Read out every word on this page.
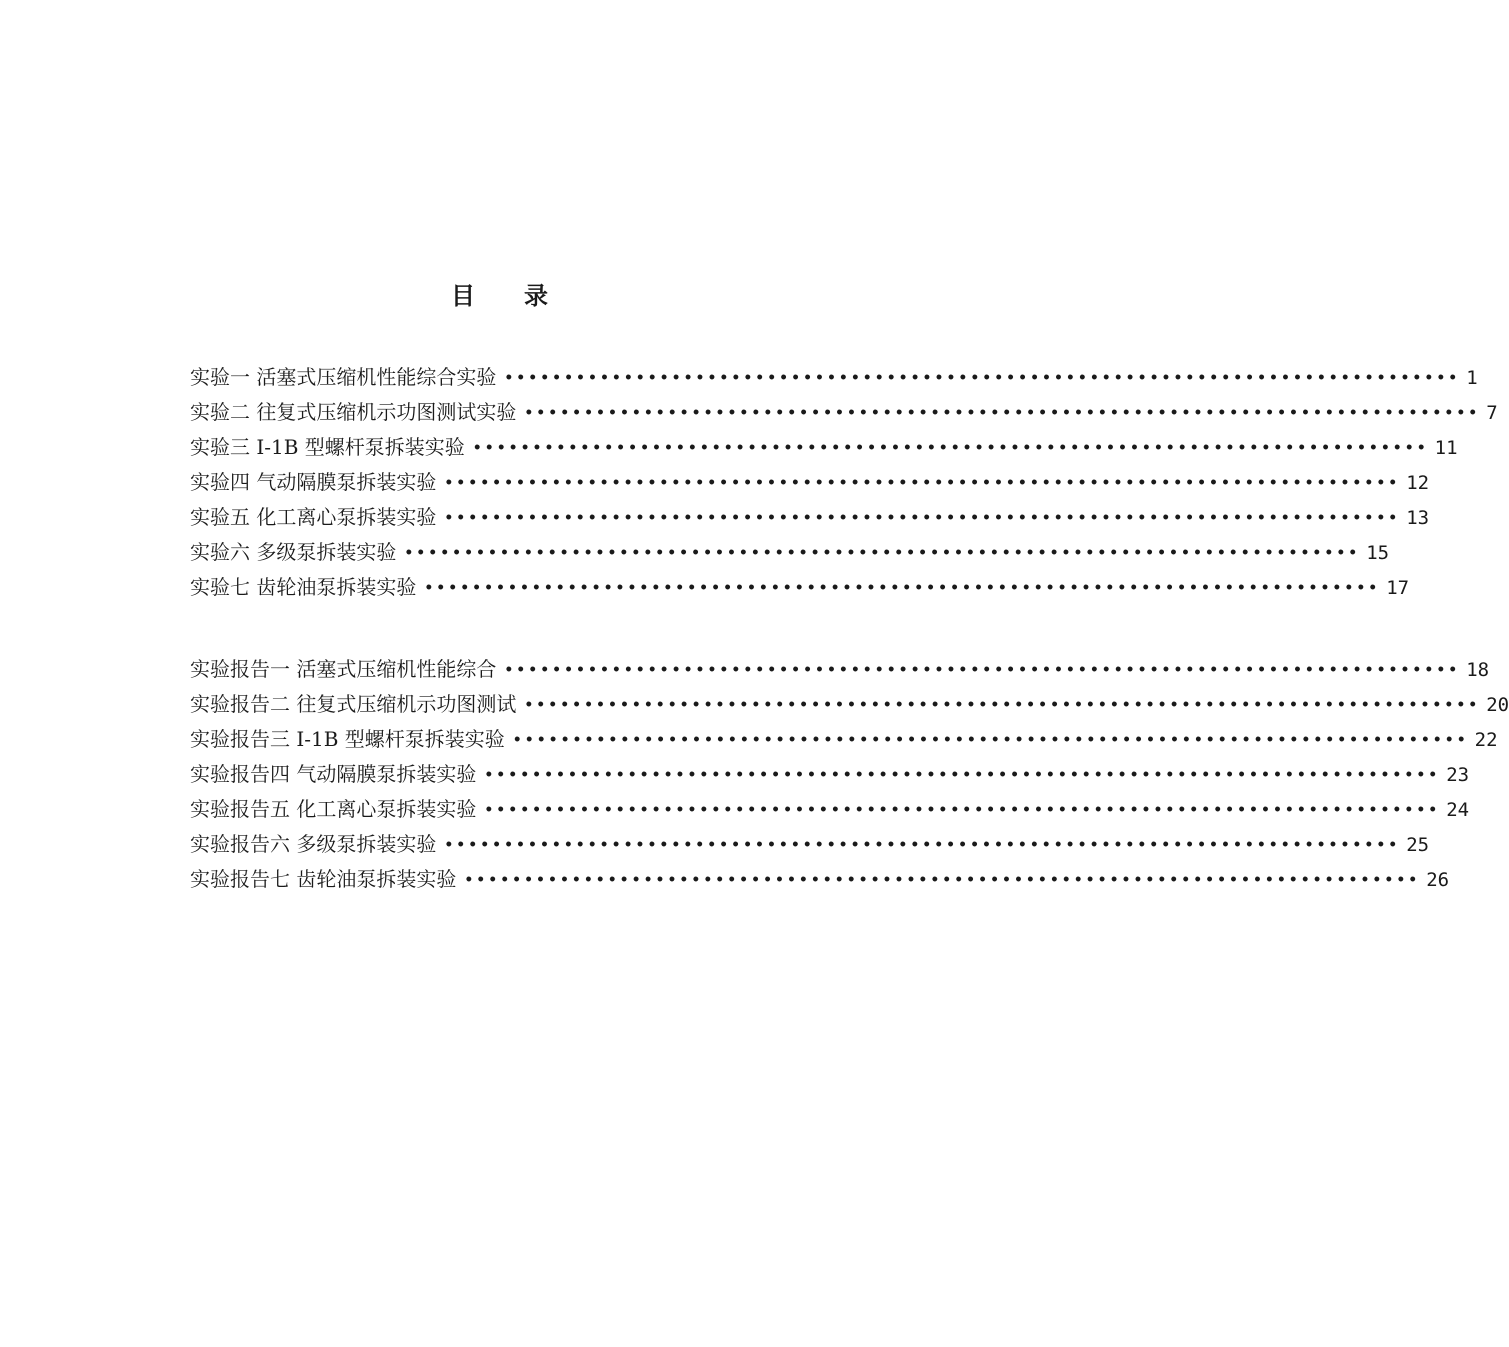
目 录
实验一 活塞式压缩机性能综合实验 •••••••••••••••••••••••••••••••••••••••••••••••••••••••••••••••••••••••••••••••• 1
实验二 往复式压缩机示功图测试实验 •••••••••••••••••••••••••••••••••••••••••••••••••••••••••••••••••••••••••••••••• 7
实验三 I-1B 型螺杆泵拆装实验 •••••••••••••••••••••••••••••••••••••••••••••••••••••••••••••••••••••••••••••••• 11
实验四 气动隔膜泵拆装实验 •••••••••••••••••••••••••••••••••••••••••••••••••••••••••••••••••••••••••••••••• 12
实验五 化工离心泵拆装实验 •••••••••••••••••••••••••••••••••••••••••••••••••••••••••••••••••••••••••••••••• 13
实验六 多级泵拆装实验 •••••••••••••••••••••••••••••••••••••••••••••••••••••••••••••••••••••••••••••••• 15
实验七 齿轮油泵拆装实验 •••••••••••••••••••••••••••••••••••••••••••••••••••••••••••••••••••••••••••••••• 17
实验报告一 活塞式压缩机性能综合 •••••••••••••••••••••••••••••••••••••••••••••••••••••••••••••••••••••••••••••••• 18
实验报告二 往复式压缩机示功图测试 •••••••••••••••••••••••••••••••••••••••••••••••••••••••••••••••••••••••••••••••• 20
实验报告三 I-1B 型螺杆泵拆装实验 •••••••••••••••••••••••••••••••••••••••••••••••••••••••••••••••••••••••••••••••• 22
实验报告四 气动隔膜泵拆装实验 •••••••••••••••••••••••••••••••••••••••••••••••••••••••••••••••••••••••••••••••• 23
实验报告五 化工离心泵拆装实验 •••••••••••••••••••••••••••••••••••••••••••••••••••••••••••••••••••••••••••••••• 24
实验报告六 多级泵拆装实验 •••••••••••••••••••••••••••••••••••••••••••••••••••••••••••••••••••••••••••••••• 25
实验报告七 齿轮油泵拆装实验 •••••••••••••••••••••••••••••••••••••••••••••••••••••••••••••••••••••••••••••••• 26
